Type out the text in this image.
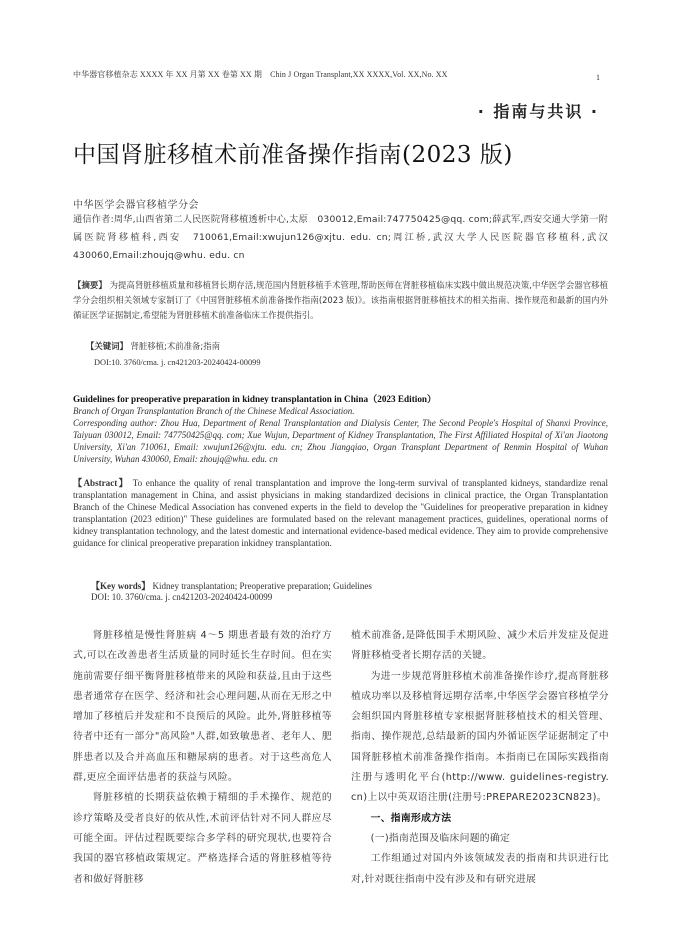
中华器官移植杂志 XXXX 年 XX 月第 XX 卷第 XX 期　Chin J Organ Transplant,XX XXXX,Vol. XX,No. XX	1
· 指南与共识 ·
中国肾脏移植术前准备操作指南(2023 版)
中华医学会器官移植学分会
通信作者:周华,山西省第二人民医院肾移植透析中心,太原　030012,Email:747750425@qq. com;薛武军,西安交通大学第一附属医院肾移植科,西安　710061,Email:xwujun126@xjtu. edu. cn;周江桥,武汉大学人民医院器官移植科,武汉　430060,Email:zhoujq@whu. edu. cn
【摘要】 为提高肾脏移植质量和移植肾长期存活,规范国内肾脏移植手术管理,帮助医师在肾脏移植临床实践中做出规范决策,中华医学会器官移植学分会组织相关领域专家制订了《中国肾脏移植术前准备操作指南(2023 版)》。该指南根据肾脏移植技术的相关指南、操作规范和最新的国内外循证医学证据制定,希望能为肾脏移植术前准备临床工作提供指引。
【关键词】 肾脏移植;术前准备;指南
DOI:10. 3760/cma. j. cn421203-20240424-00099
Guidelines for preoperative preparation in kidney transplantation in China（2023 Edition）
Branch of Organ Transplantation Branch of the Chinese Medical Association.
Corresponding author: Zhou Hua, Department of Renal Transplantation and Dialysis Center, The Second People's Hospital of Shanxi Province, Taiyuan 030012, Email: 747750425@qq. com; Xue Wujun, Department of Kidney Transplantation, The First Affiliated Hospital of Xi'an Jiaotong University, Xi'an 710061, Email: xwujun126@xjtu. edu. cn; Zhou Jiangqiao, Organ Transplant Department of Renmin Hospital of Wuhan University, Wuhan 430060, Email: zhoujq@whu. edu. cn
【Abstract】 To enhance the quality of renal transplantation and improve the long-term survival of transplanted kidneys, standardize renal transplantation management in China, and assist physicians in making standardized decisions in clinical practice, the Organ Transplantation Branch of the Chinese Medical Association has convened experts in the field to develop the "Guidelines for preoperative preparation in kidney transplantation (2023 edition)" These guidelines are formulated based on the relevant management practices, guidelines, operational norms of kidney transplantation technology, and the latest domestic and international evidence-based medical evidence. They aim to provide comprehensive guidance for clinical preoperative preparation inkidney transplantation.
【Key words】 Kidney transplantation; Preoperative preparation; Guidelines
DOI: 10. 3760/cma. j. cn421203-20240424-00099

肾脏移植是慢性肾脏病 4～5 期患者最有效的治疗方式,可以在改善患者生活质量的同时延长生存时间。但在实施前需要仔细平衡肾脏移植带来的风险和获益,且由于这些患者通常存在医学、经济和社会心理问题,从而在无形之中增加了移植后并发症和不良预后的风险。此外,肾脏移植等待者中还有一部分"高风险"人群,如致敏患者、老年人、肥胖患者以及合并高血压和糖尿病的患者。对于这些高危人群,更应全面评估患者的获益与风险。

肾脏移植的长期获益依赖于精细的手术操作、规范的诊疗策略及受者良好的依从性,术前评估针对不同人群应尽可能全面。评估过程既要综合多学科的研究现状,也要符合我国的器官移植政策规定。严格选择合适的肾脏移植等待者和做好肾脏移

植术前准备,是降低围手术期风险、减少术后并发症及促进肾脏移植受者长期存活的关键。

为进一步规范肾脏移植术前准备操作诊疗,提高肾脏移植成功率以及移植肾远期存活率,中华医学会器官移植学分会组织国内肾脏移植专家根据肾脏移植技术的相关管理、指南、操作规范,总结最新的国内外循证医学证据制定了中国肾脏移植术前准备操作指南。本指南已在国际实践指南注册与透明化平台(http://www. guidelines-registry. cn)上以中英双语注册(注册号:PREPARE2023CN823)。

一、指南形成方法

(一)指南范围及临床问题的确定

工作组通过对国内外该领域发表的指南和共识进行比对,针对既往指南中没有涉及和有研究进展
